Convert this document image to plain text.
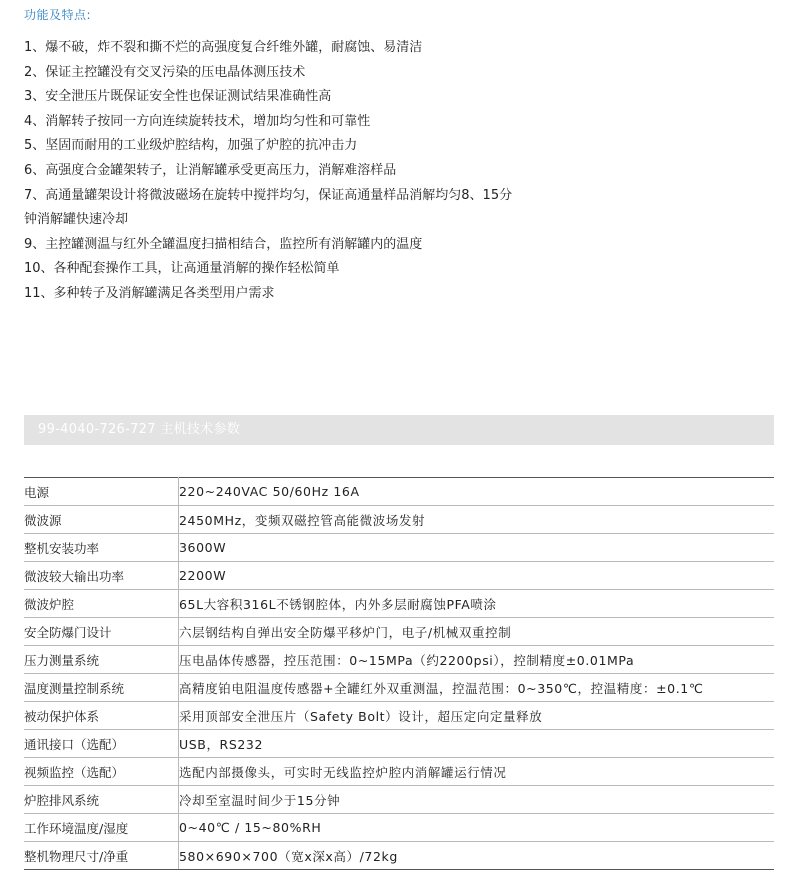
功能及特点:
1、爆不破，炸不裂和撕不烂的高强度复合纤维外罐，耐腐蚀、易清洁
2、保证主控罐没有交叉污染的压电晶体测压技术
3、安全泄压片既保证安全性也保证测试结果准确性高
4、消解转子按同一方向连续旋转技术，增加均匀性和可靠性
5、坚固而耐用的工业级炉腔结构，加强了炉腔的抗冲击力
6、高强度合金罐架转子，让消解罐承受更高压力，消解难溶样品
7、高通量罐架设计将微波磁场在旋转中搅拌均匀，保证高通量样品消解均匀8、15分
钟消解罐快速冷却
9、主控罐测温与红外全罐温度扫描相结合，监控所有消解罐内的温度
10、各种配套操作工具，让高通量消解的操作轻松简单
11、多种转子及消解罐满足各类型用户需求
99-4040-726-727 主机技术参数
电源	220~240VAC 50/60Hz 16A
微波源	2450MHz，变频双磁控管高能微波场发射
整机安装功率	3600W
微波较大输出功率	2200W
微波炉腔	65L大容积316L不锈钢腔体，内外多层耐腐蚀PFA喷涂
安全防爆门设计	六层钢结构自弹出安全防爆平移炉门，电子/机械双重控制
压力测量系统	压电晶体传感器，控压范围：0~15MPa（约2200psi），控制精度±0.01MPa
温度测量控制系统	高精度铂电阻温度传感器+全罐红外双重测温，控温范围：0~350℃，控温精度：±0.1℃
被动保护体系	采用顶部安全泄压片（Safety Bolt）设计，超压定向定量释放
通讯接口（选配）	USB，RS232
视频监控（选配）	选配内部摄像头，可实时无线监控炉腔内消解罐运行情况
炉腔排风系统	冷却至室温时间少于15分钟
工作环境温度/湿度	0~40℃ / 15~80%RH
整机物理尺寸/净重	580×690×700（宽x深x高）/72kg
